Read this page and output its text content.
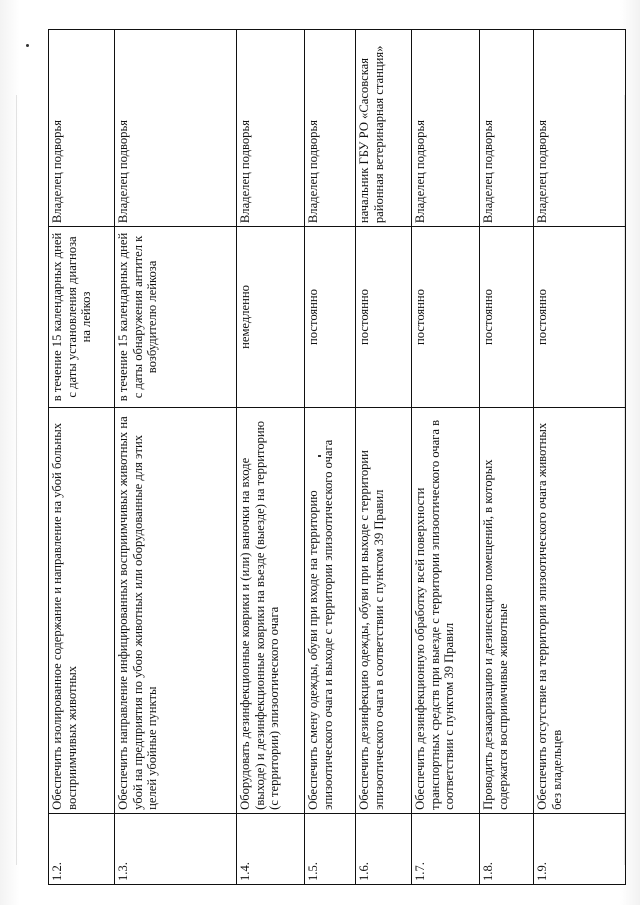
1.2.	Обеспечить изолированное содержание и направление на убой больных восприимчивых животных	в течение 15 календарных дней с даты установления диагноза на лейкоз	Владелец подворья
1.3.	Обеспечить направление инфицированных восприимчивых животных на убой на предприятия по убою животных или оборудованные для этих целей убойные пункты	в течение 15 календарных дней с даты обнаружения антител к возбудителю лейкоза	Владелец подворья
1.4.	Оборудовать дезинфекционные коврики и (или) ваночки на входе (выходе) и дезинфекционные коврики на въезде (выезде) на территорию (с территории) эпизоотического очага	немедленно	Владелец подворья
1.5.	Обеспечить смену одежды, обуви при входе на территорию эпизоотического очага и выходе с территории эпизоотического очага	постоянно	Владелец подворья
1.6.	Обеспечить дезинфекцию одежды, обуви при выходе с территории эпизоотического очага в соответствии с пунктом 39 Правил	постоянно	начальник ГБУ РО «Сасовская районная ветеринарная станция»
1.7.	Обеспечить дезинфекционную обработку всей поверхности транспортных средств при выезде с территории эпизоотического очага в соответствии с пунктом 39 Правил	постоянно	Владелец подворья
1.8.	Проводить дезакаризацию и дезинсекцию помещений, в которых содержатся восприимчивые животные	постоянно	Владелец подворья
1.9.	Обеспечить отсутствие на территории эпизоотического очага животных без владельцев	постоянно	Владелец подворья
